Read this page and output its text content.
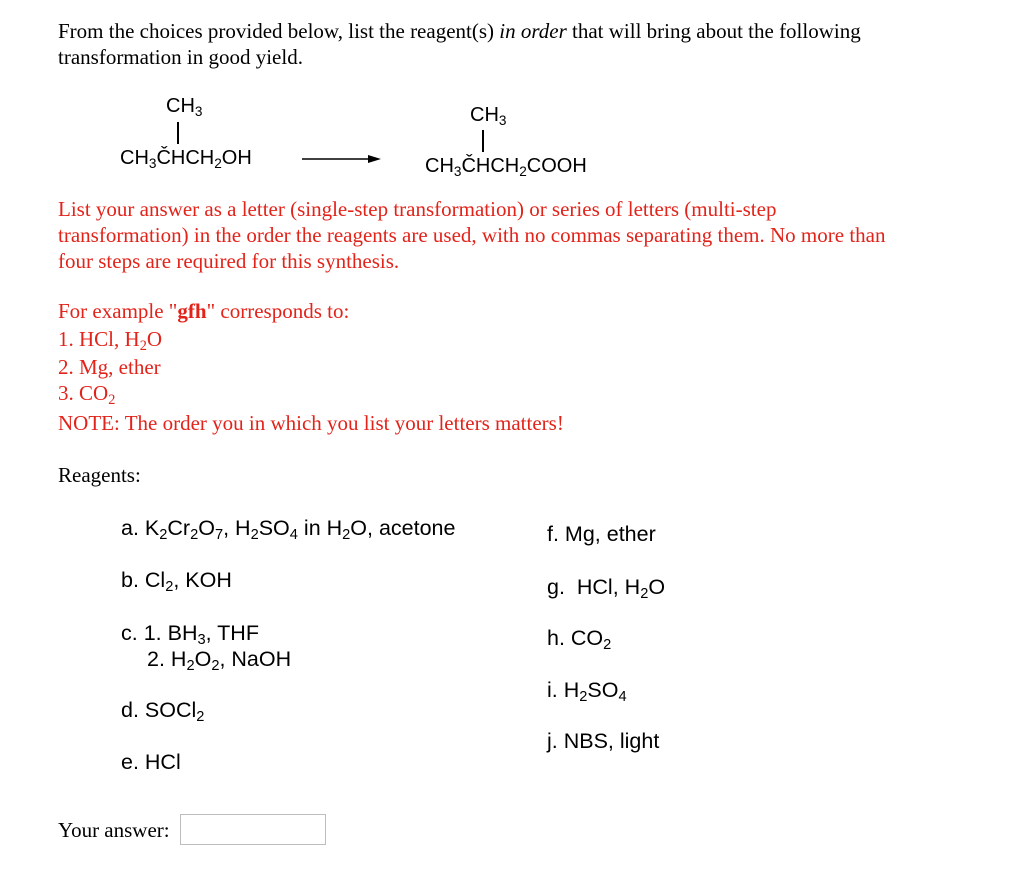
From the choices provided below, list the reagent(s) in order that will bring about the following
transformation in good yield.
$CH_3$
$CH_3ČHCH_2OH$
$CH_3$
$CH_3ČHCH_2COOH$
List your answer as a letter (single-step transformation) or series of letters (multi-step
transformation) in the order the reagents are used, with no commas separating them. No more than
four steps are required for this synthesis.
For example "gfh" corresponds to:
1. HCl, $H_2O$
2. Mg, ether
3. $CO_2$
NOTE: The order you in which you list your letters matters!
Reagents:
a. $K_2Cr_2O_7$, $H_2SO_4$ in $H_2O$, acetone
b. $Cl_2$, KOH
c. 1. $BH_3$, THF
2. $H_2O_2$, NaOH
d. SOCl$_2$
e. HCl
f. Mg, ether
g.  HCl, $H_2O$
h. $CO_2$
i. $H_2SO_4$
j. NBS, light
Your answer:
